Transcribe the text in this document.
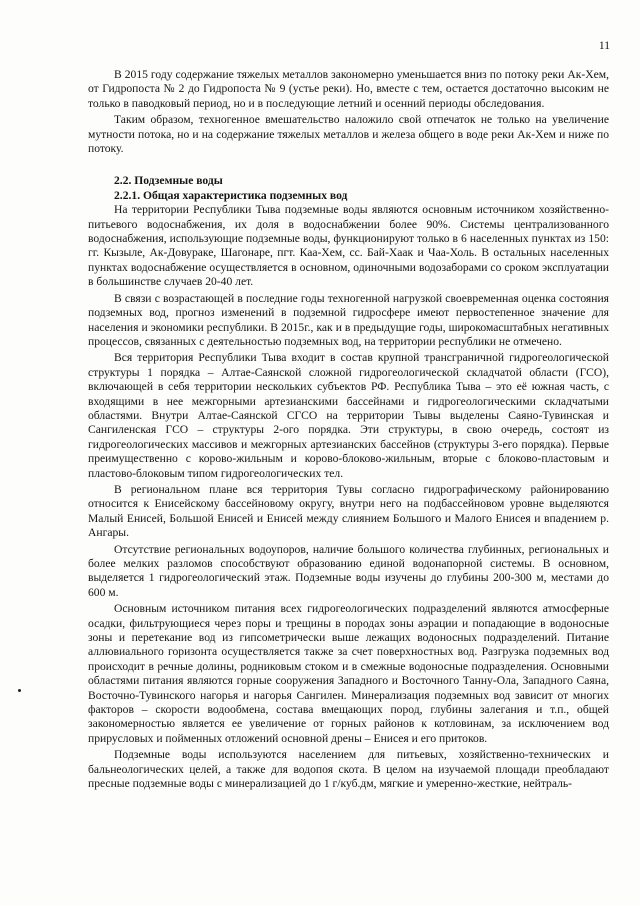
11

В 2015 году содержание тяжелых металлов закономерно уменьшается вниз по потоку реки Ак-Хем, от Гидропоста № 2 до Гидропоста № 9 (устье реки). Но, вместе с тем, остается достаточно высоким не только в паводковый период, но и в последующие летний и осенний периоды обследования.

Таким образом, техногенное вмешательство наложило свой отпечаток не только на увеличение мутности потока, но и на содержание тяжелых металлов и железа общего в воде реки Ак-Хем и ниже по потоку.

2.2. Подземные воды
2.2.1. Общая характеристика подземных вод

На территории Республики Тыва подземные воды являются основным источником хозяйственно-питьевого водоснабжения, их доля в водоснабжении более 90%. Системы централизованного водоснабжения, использующие подземные воды, функционируют только в 6 населенных пунктах из 150: гг. Кызыле, Ак-Довураке, Шагонаре, пгт. Каа-Хем, сс. Бай-Хаак и Чаа-Холь. В остальных населенных пунктах водоснабжение осуществляется в основном, одиночными водозаборами со сроком эксплуатации в большинстве случаев 20-40 лет.

В связи с возрастающей в последние годы техногенной нагрузкой своевременная оценка состояния подземных вод, прогноз изменений в подземной гидросфере имеют первостепенное значение для населения и экономики республики. В 2015г., как и в предыдущие годы, широкомасштабных негативных процессов, связанных с деятельностью подземных вод, на территории республики не отмечено.

Вся территория Республики Тыва входит в состав крупной трансграничной гидрогеологической структуры 1 порядка – Алтае-Саянской сложной гидрогеологической складчатой области (ГСО), включающей в себя территории нескольких субъектов РФ. Республика Тыва – это её южная часть, с входящими в нее межгорными артезианскими бассейнами и гидрогеологическими складчатыми областями. Внутри Алтае-Саянской СГСО на территории Тывы выделены Саяно-Тувинская и Сангиленская ГСО – структуры 2-ого порядка. Эти структуры, в свою очередь, состоят из гидрогеологических массивов и межгорных артезианских бассейнов (структуры 3-его порядка). Первые преимущественно с корово-жильным и корово-блоково-жильным, вторые с блоково-пластовым и пластово-блоковым типом гидрогеологических тел.

В региональном плане вся территория Тувы согласно гидрографическому районированию относится к Енисейскому бассейновому округу, внутри него на подбассейновом уровне выделяются Малый Енисей, Большой Енисей и Енисей между слиянием Большого и Малого Енисея и впадением р. Ангары.

Отсутствие региональных водоупоров, наличие большого количества глубинных, региональных и более мелких разломов способствуют образованию единой водонапорной системы. В основном, выделяется 1 гидрогеологический этаж. Подземные воды изучены до глубины 200-300 м, местами до 600 м.

Основным источником питания всех гидрогеологических подразделений являются атмосферные осадки, фильтрующиеся через поры и трещины в породах зоны аэрации и попадающие в водоносные зоны и перетекание вод из гипсометрически выше лежащих водоносных подразделений. Питание аллювиального горизонта осуществляется также за счет поверхностных вод. Разгрузка подземных вод происходит в речные долины, родниковым стоком и в смежные водоносные подразделения. Основными областями питания являются горные сооружения Западного и Восточного Танну-Ола, Западного Саяна, Восточно-Тувинского нагорья и нагорья Сангилен. Минерализация подземных вод зависит от многих факторов – скорости водообмена, состава вмещающих пород, глубины залегания и т.п., общей закономерностью является ее увеличение от горных районов к котловинам, за исключением вод прирусловых и пойменных отложений основной дрены – Енисея и его притоков.

Подземные воды используются населением для питьевых, хозяйственно-технических и бальнеологических целей, а также для водопоя скота. В целом на изучаемой площади преобладают пресные подземные воды с минерализацией до 1 г/куб.дм, мягкие и умеренно-жесткие, нейтраль-
